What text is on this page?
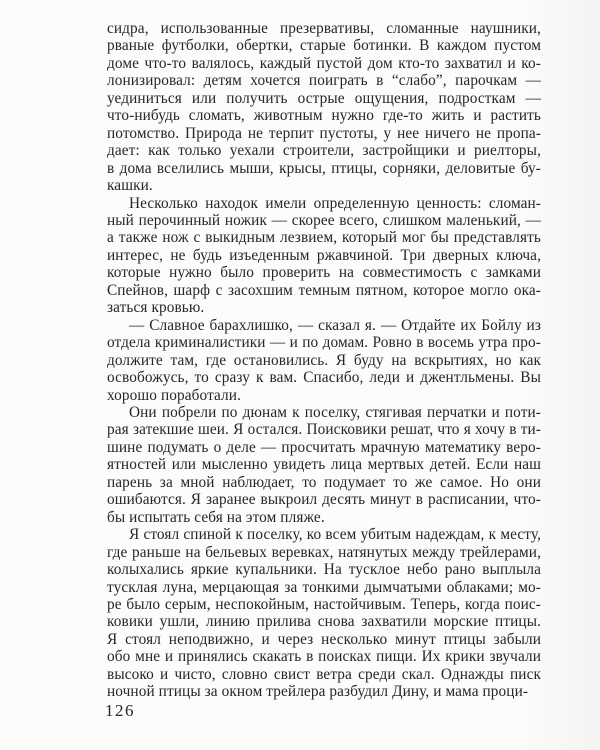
сидра, использованные презервативы, сломанные наушники,
рваные футболки, обертки, старые ботинки. В каждом пустом
доме что-то валялось, каждый пустой дом кто-то захватил и ко-
лонизировал: детям хочется поиграть в “слабо”, парочкам —
уединиться или получить острые ощущения, подросткам —
что-нибудь сломать, животным нужно где-то жить и растить
потомство. Природа не терпит пустоты, у нее ничего не пропа-
дает: как только уехали строители, застройщики и риелторы,
в дома вселились мыши, крысы, птицы, сорняки, деловитые бу-
кашки.
Несколько находок имели определенную ценность: сломан-
ный перочинный ножик — скорее всего, слишком маленький, —
а также нож с выкидным лезвием, который мог бы представлять
интерес, не будь изъеденным ржавчиной. Три дверных ключа,
которые нужно было проверить на совместимость с замками
Спейнов, шарф с засохшим темным пятном, которое могло ока-
заться кровью.
— Славное барахлишко, — сказал я. — Отдайте их Бойлу из
отдела криминалистики — и по домам. Ровно в восемь утра про-
должите там, где остановились. Я буду на вскрытиях, но как
освобожусь, то сразу к вам. Спасибо, леди и джентльмены. Вы
хорошо поработали.
Они побрели по дюнам к поселку, стягивая перчатки и поти-
рая затекшие шеи. Я остался. Поисковики решат, что я хочу в ти-
шине подумать о деле — просчитать мрачную математику веро-
ятностей или мысленно увидеть лица мертвых детей. Если наш
парень за мной наблюдает, то подумает то же самое. Но они
ошибаются. Я заранее выкроил десять минут в расписании, что-
бы испытать себя на этом пляже.
Я стоял спиной к поселку, ко всем убитым надеждам, к месту,
где раньше на бельевых веревках, натянутых между трейлерами,
колыхались яркие купальники. На тусклое небо рано выплыла
тусклая луна, мерцающая за тонкими дымчатыми облаками; мо-
ре было серым, неспокойным, настойчивым. Теперь, когда поис-
ковики ушли, линию прилива снова захватили морские птицы.
Я стоял неподвижно, и через несколько минут птицы забыли
обо мне и принялись скакать в поисках пищи. Их крики звучали
высоко и чисто, словно свист ветра среди скал. Однажды писк
ночной птицы за окном трейлера разбудил Дину, и мама проци-
126
